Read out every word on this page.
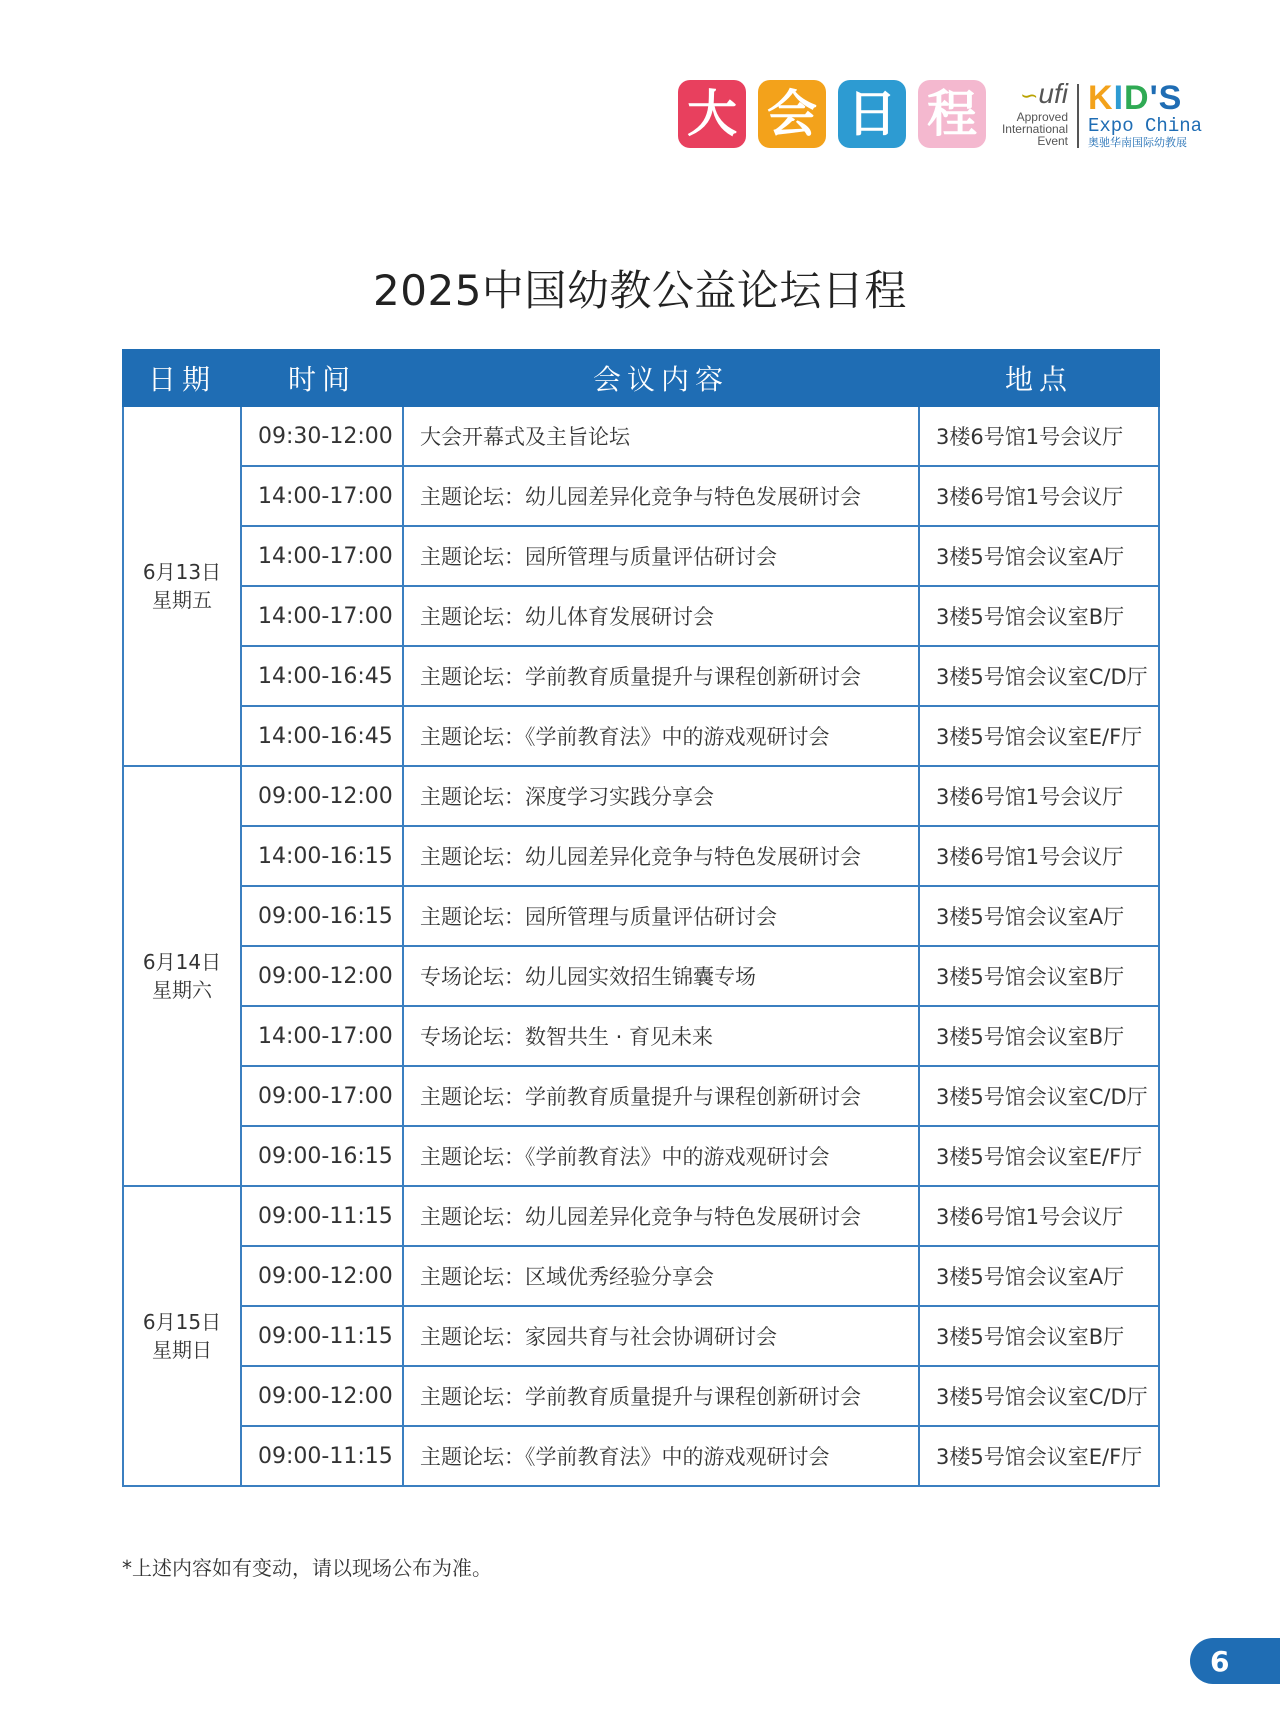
大 会 日 程	∽ufi
Approved
International
Event
KID'S
Expo China
奥驰华南国际幼教展
2025中国幼教公益论坛日程
日期	时间	会议内容	地点

6月13日
星期五	09:30-12:00	大会开幕式及主旨论坛	3楼6号馆1号会议厅
	14:00-17:00	主题论坛：幼儿园差异化竞争与特色发展研讨会	3楼6号馆1号会议厅
	14:00-17:00	主题论坛：园所管理与质量评估研讨会	3楼5号馆会议室A厅
	14:00-17:00	主题论坛：幼儿体育发展研讨会	3楼5号馆会议室B厅
	14:00-16:45	主题论坛：学前教育质量提升与课程创新研讨会	3楼5号馆会议室C/D厅
	14:00-16:45	主题论坛：《学前教育法》中的游戏观研讨会	3楼5号馆会议室E/F厅

6月14日
星期六	09:00-12:00	主题论坛：深度学习实践分享会	3楼6号馆1号会议厅
	14:00-16:15	主题论坛：幼儿园差异化竞争与特色发展研讨会	3楼6号馆1号会议厅
	09:00-16:15	主题论坛：园所管理与质量评估研讨会	3楼5号馆会议室A厅
	09:00-12:00	专场论坛：幼儿园实效招生锦囊专场	3楼5号馆会议室B厅
	14:00-17:00	专场论坛：数智共生 · 育见未来	3楼5号馆会议室B厅
	09:00-17:00	主题论坛：学前教育质量提升与课程创新研讨会	3楼5号馆会议室C/D厅
	09:00-16:15	主题论坛：《学前教育法》中的游戏观研讨会	3楼5号馆会议室E/F厅

6月15日
星期日	09:00-11:15	主题论坛：幼儿园差异化竞争与特色发展研讨会	3楼6号馆1号会议厅
	09:00-12:00	主题论坛：区域优秀经验分享会	3楼5号馆会议室A厅
	09:00-11:15	主题论坛：家园共育与社会协调研讨会	3楼5号馆会议室B厅
	09:00-12:00	主题论坛：学前教育质量提升与课程创新研讨会	3楼5号馆会议室C/D厅
	09:00-11:15	主题论坛：《学前教育法》中的游戏观研讨会	3楼5号馆会议室E/F厅
*上述内容如有变动，请以现场公布为准。
6
